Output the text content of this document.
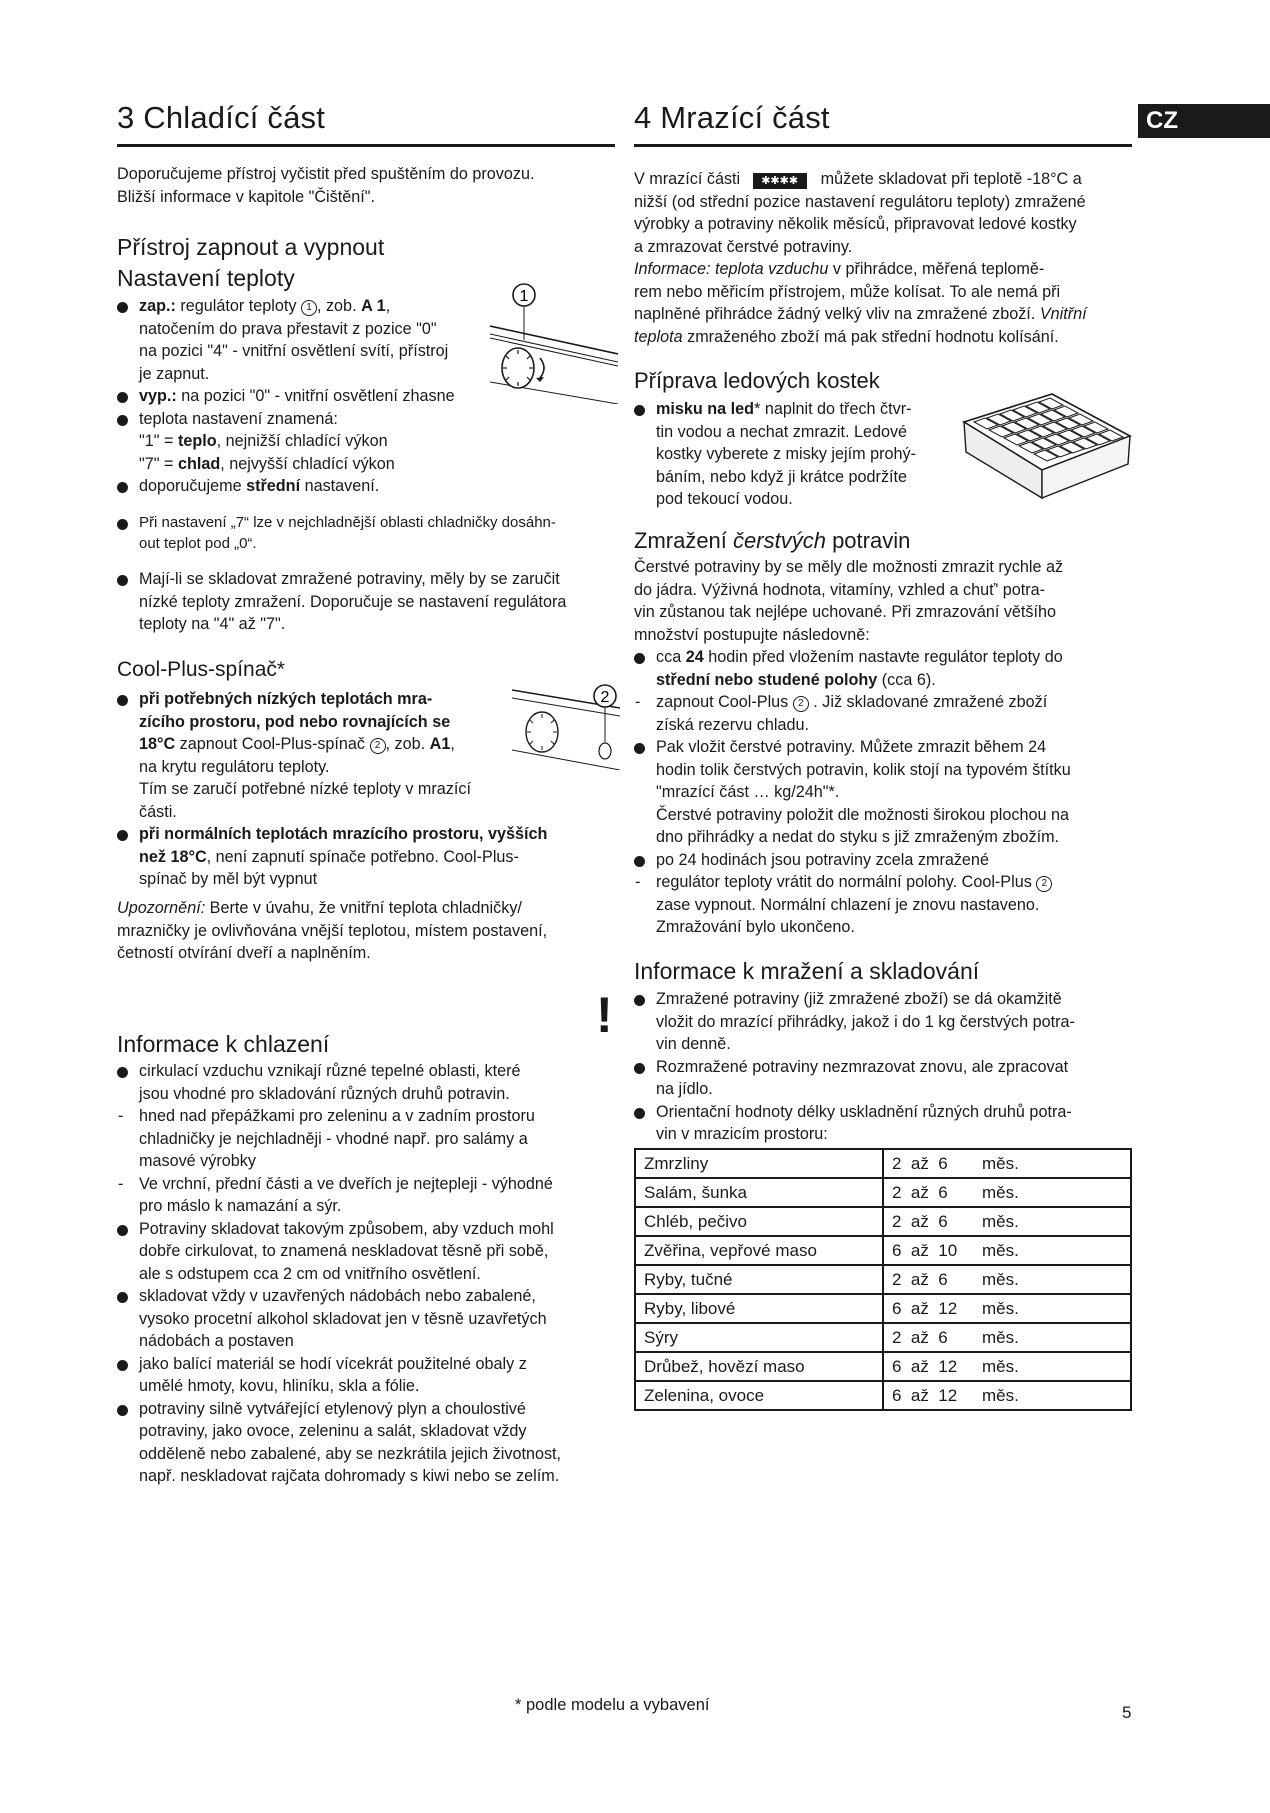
3 Chladící část
Doporučujeme přístroj vyčistit před spuštěním do provozu.
Bližší informace v kapitole "Čištění".
Přístroj zapnout a vypnout
Nastavení teploty
zap.: regulátor teploty 1 , zob. A 1,
natočením do prava přestavit z pozice "0"
na pozici "4" - vnitřní osvětlení svítí, přístroj
je zapnut.
vyp.: na pozici "0" - vnitřní osvětlení zhasne
teplota nastavení znamená:
"1" = teplo, nejnižší chladící výkon
"7" = chlad, nejvyšší chladící výkon
doporučujeme střední nastavení.
Při nastavení „7“ lze v nejchladnější oblasti chladničky dosáhn-
out teplot pod „0“.
Mají-li se skladovat zmražené potraviny, měly by se zaručit
nízké teploty zmražení. Doporučuje se nastavení regulátora
teploty na "4" až "7".
Cool-Plus-spínač*
při potřebných nízkých teplotách mra-
zícího prostoru, pod nebo rovnajících se
18°C zapnout Cool-Plus-spínač 2 , zob. A1,
na krytu regulátoru teploty.
Tím se zaručí potřebné nízké teploty v mrazící
části.
při normálních teplotách mrazícího prostoru, vyšších
než 18°C, není zapnutí spínače potřebno. Cool-Plus-
spínač by měl být vypnut
Upozornění: Berte v úvahu, že vnitřní teplota chladničky/
mrazničky je ovlivňována vnější teplotou, místem postavení,
četností otvírání dveří a naplněním.
!
Informace k chlazení
cirkulací vzduchu vznikají různé tepelné oblasti, které
jsou vhodné pro skladování různých druhů potravin.
- hned nad přepážkami pro zeleninu a v zadním prostoru
chladničky je nejchladněji - vhodné např. pro salámy a
masové výrobky
- Ve vrchní, přední části a ve dveřích je nejtepleji - výhodné
pro máslo k namazání a sýr.
Potraviny skladovat takovým způsobem, aby vzduch mohl
dobře cirkulovat, to znamená neskladovat těsně při sobě,
ale s odstupem cca 2 cm od vnitřního osvětlení.
skladovat vždy v uzavřených nádobách nebo zabalené,
vysoko procetní alkohol skladovat jen v těsně uzavřetých
nádobách a postaven
jako balící materiál se hodí vícekrát použitelné obaly z
umělé hmoty, kovu, hliníku, skla a fólie.
potraviny silně vytvářející etylenový plyn a choulostivé
potraviny, jako ovoce, zeleninu a salát, skladovat vždy
odděleně nebo zabalené, aby se nezkrátila jejich životnost,
např. neskladovat rajčata dohromady s kiwi nebo se zelím.
1
2
4 Mrazící část	CZ
V mrazící části ✱✱✱✱ můžete skladovat při teplotě -18°C a
nižší (od střední pozice nastavení regulátoru teploty) zmražené
výrobky a potraviny několik měsíců, připravovat ledové kostky
a zmrazovat čerstvé potraviny.
Informace: teplota vzduchu v přihrádce, měřená teplomě-
rem nebo měřicím přístrojem, může kolísat. To ale nemá při
naplněné přihrádce žádný velký vliv na zmražené zboží. Vnitřní
teplota zmraženého zboží má pak střední hodnotu kolísání.
Příprava ledových kostek
misku na led* naplnit do třech čtvr-
tin vodou a nechat zmrazit. Ledové
kostky vyberete z misky jejím prohý-
báním, nebo když ji krátce podržíte
pod tekoucí vodou.
Zmražení čerstvých potravin
Čerstvé potraviny by se měly dle možnosti zmrazit rychle až
do jádra. Výživná hodnota, vitamíny, vzhled a chuť' potra-
vin zůstanou tak nejlépe uchované. Při zmrazování většího
množství postupujte následovně:
cca 24 hodin před vložením nastavte regulátor teploty do
střední nebo studené polohy (cca 6).
- zapnout Cool-Plus 2 . Již skladované zmražené zboží
získá rezervu chladu.
Pak vložit čerstvé potraviny. Můžete zmrazit během 24
hodin tolik čerstvých potravin, kolik stojí na typovém štítku
"mrazící část … kg/24h"*.
Čerstvé potraviny položit dle možnosti širokou plochou na
dno přihrádky a nedat do styku s již zmraženým zbožím.
po 24 hodinách jsou potraviny zcela zmražené
- regulátor teploty vrátit do normální polohy. Cool-Plus 2
zase vypnout. Normální chlazení je znovu nastaveno.
Zmražování bylo ukončeno.
Informace k mražení a skladování
Zmražené potraviny (již zmražené zboží) se dá okamžitě
vložit do mrazící přihrádky, jakož i do 1 kg čerstvých potra-
vin denně.
Rozmražené potraviny nezmrazovat znovu, ale zpracovat
na jídlo.
Orientační hodnoty délky uskladnění různých druhů potra-
vin v mrazicím prostoru:
Zmrzliny	2  až  6 měs.
Salám, šunka	2  až  6 měs.
Chléb, pečivo	2  až  6 měs.
Zvěřina, vepřové maso	6  až  10 měs.
Ryby, tučné	2  až  6 měs.
Ryby, libové	6  až  12 měs.
Sýry	2  až  6 měs.
Drůbež, hovězí maso	6  až  12 měs.
Zelenina, ovoce	6  až  12 měs.
* podle modelu a vybavení	5
